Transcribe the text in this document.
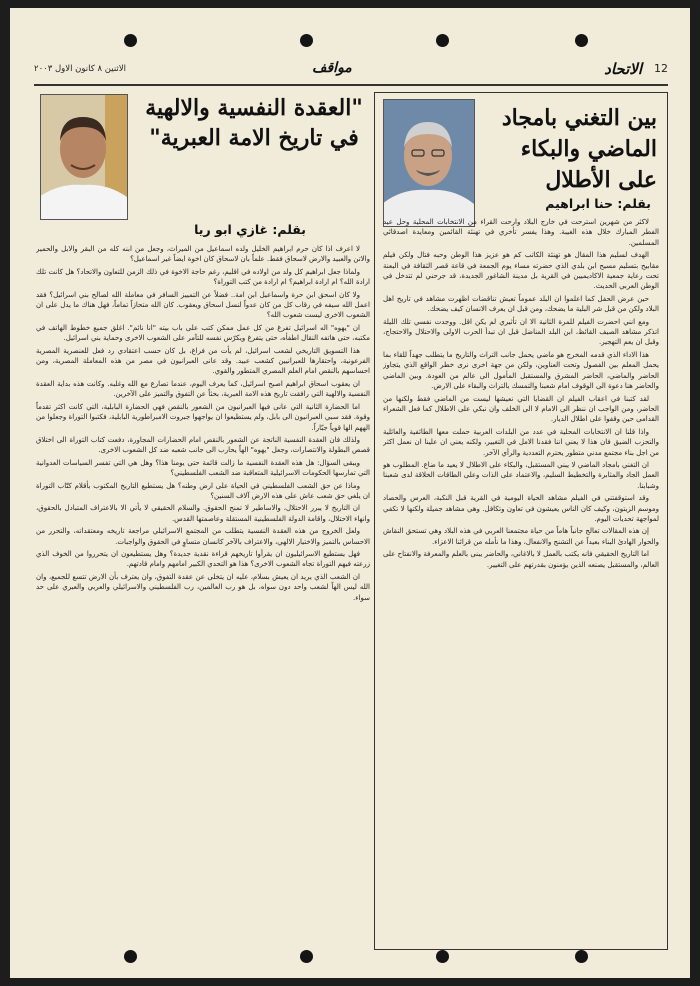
12
الاتحاد
مواقف
الاثنين ٨ كانون الاول ٢٠٠٣
بين التغني بامجاد الماضي والبكاء على الأطلال
بقلم: حنا ابراهيم

لاكثر من شهرين استرحت في خارج البلاد وارحت القراء من الانتخابات المحلية وحل عيد الفطر المبارك خلال هذه الغيبة. وهذا يفسر تأخري في تهنئة القائمين ومعايدة اصدقائي المسلمين.

الهدف لسليم هذا المقال هو تهنئة الكاتب كم هو عزيز هذا الوطن وحبه فتال ولكن فيلم مقابيح بتسليم مسيح ابن بلدي الذي حضرته مساء يوم الجمعة في قاعة قصر الثقافة في البعنة تحت رعاية جمعية الاكاديميين في القرية بل مدينة الشاغور الجديدة، قد جرحني لم تتدخل في الوطن العربي الحديث.

حين عرض الحفل كما اعلموا ان البلد عموماً تعيش تناقضات اظهرت مشاهد في تاريخ اهل البلاد ولكن من قبل شر البلية ما يضحك، ومن قبل ان يعرف الانسان كيف يضحك.

ومع انني احضرت الفيلم للمرة الثانية الا ان تأثيري لم يكن اقل. ووجدت نفسي تلك الليلة اتذكر مشاهد الصيف القائظ، ابن البلد المناضل قبل ان تبدأ الحرب الاولى والاحتلال والاحتجاج، وقبل ان يعم التهجير.

هذا الاداء الذي قدمه المخرج هو ماضي يحمل جانب التراث والتاريخ ما يتطلب جهداً للقاء بما يحمل المعلم بين الفصول وتحت العناوين، ولكن من جهة اخرى نرى خطر الواقع الذي يتجاوز الحاضر والماضي، الحاضر المشرق والمستقبل المأمول الى عالم من العودة. وبين الماضي والحاضر هنا دعوة الى الوقوف امام شعبنا والتمسك بالتراث والبقاء على الارض.

لقد كتبنا في اعقاب الفيلم ان القضايا التي نعيشها ليست من الماضي فقط ولكنها من الحاضر، ومن الواجب ان ننظر الى الامام لا الى الخلف وان نبكي على الاطلال كما فعل الشعراء القدامى حين وقفوا على اطلال الديار.

واذا قلنا ان الانتخابات المحلية في عدد من البلدات العربية حملت معها الطائفية والعائلية والتحزب الضيق فان هذا لا يعني اننا فقدنا الامل في التغيير، ولكنه يعني ان علينا ان نعمل اكثر من اجل بناء مجتمع مدني متطور يحترم التعددية والرأي الآخر.

ان التغني بامجاد الماضي لا يبني المستقبل، والبكاء على الاطلال لا يعيد ما ضاع. المطلوب هو العمل الجاد والمثابرة والتخطيط السليم، والاعتماد على الذات وعلى الطاقات الخلاقة لدى شعبنا وشبابنا.

وقد استوقفتني في الفيلم مشاهد الحياة اليومية في القرية قبل النكبة، العرس والحصاد وموسم الزيتون، وكيف كان الناس يعيشون في تعاون وتكافل. وهي مشاهد جميلة ولكنها لا تكفي لمواجهة تحديات اليوم.

إن هذه المقالات تعالج جانباً هاماً من حياة مجتمعنا العربي في هذه البلاد وهي تستحق النقاش والحوار الهادئ البناء بعيداً عن التشنج والانفعال، وهذا ما نأمله من قرائنا الاعزاء.

اما التاريخ الحقيقي فانه يكتب بالعمل لا بالاغاني، والحاضر يبنى بالعلم والمعرفة والانفتاح على العالم، والمستقبل يصنعه الذين يؤمنون بقدرتهم على التغيير.

"العقدة النفسية والالهية في تاريخ الامة العبرية"
بقلم: غازي ابو ريا

لا اعرف اذا كان حرم ابراهيم الخليل ولده اسماعيل من الميراث، وجعل من ابنه كله من البقر والابل والحمير والاتن والعبيد والارض لاسحاق فقط. علماً بان لاسحاق كان اخوة ايضاً غير اسماعيل؟

ولماذا جعل ابراهيم كل ولد من اولاده في اقليم، رغم حاجة الاخوة في ذلك الزمن للتعاون والاتحاد؟ هل كانت تلك ارادة الله؟ ام ارادة ابراهيم؟ ام ارادة من كتب التوراة؟

ولا كان اسحق ابن حرة واسماعيل ابن امة.. فضلاً عن التمييز السافر في معاملة الله لصالح بني اسرائيل؟ فقد اعمل الله سيفه في رقاب كل من كان عدواً لنسل اسحاق ويعقوب. كان الله متحازاً تماماً، فهل هناك ما يدل على ان الشعوب الاخرى ليست شعوب الله؟

ان "يهوه" اله اسرائيل تفرغ من كل عمل ممكن كتب على باب بيته "انا نائم". اغلق جميع خطوط الهاتف في مكتبه، حتى هاتفه النقال اطفأه، حتى يتفرغ ويكرّس نفسه للتآمر على الشعوب الاخرى وحماية بني اسرائيل.

هذا التسويق التاريخي لشعب اسرائيل، لم يأت من فراغ، بل كان حسب اعتقادي رد فعل للعنصرية المصرية الفرعونية، واحتقارها للعبرانيين كشعب عبيد. وقد عانى العبرانيون في مصر من هذه المعاملة المصرية، ومن احساسهم بالنقص امام العلم المصري المتطور والقوي.

ان يعقوب اسحاق ابراهيم اصبح اسرائيل، كما يعرف اليوم، عندما تصارع مع الله وغلبه. وكانت هذه بداية العقدة النفسية والالهية التي رافقت تاريخ هذه الامة العبرية، بحثاً عن التفوق والتميز على الآخرين.

اما الحضارة الثانية التي عانى فيها العبرانيون من الشعور بالنقص فهي الحضارة البابلية، التي كانت اكثر تقدماً وقوة. فقد سبي العبرانيون الى بابل، ولم يستطيعوا ان يواجهوا جبروت الامبراطورية البابلية، فكتبوا التوراة وجعلوا من الههم الها قوياً جبّاراً.

ولذلك فان العقدة النفسية الناتجة عن الشعور بالنقص امام الحضارات المجاورة، دفعت كتاب التوراة الى اختلاق قصص البطولة والانتصارات، وجعل "يهوه" الهاً يحارب الى جانب شعبه ضد كل الشعوب الاخرى.

ويبقى السؤال: هل هذه العقدة النفسية ما زالت قائمة حتى يومنا هذا؟ وهل هي التي تفسر السياسات العدوانية التي تمارسها الحكومات الاسرائيلية المتعاقبة ضد الشعب الفلسطيني؟

وماذا عن حق الشعب الفلسطيني في الحياة على ارض وطنه؟ هل يستطيع التاريخ المكتوب بأقلام كتّاب التوراة ان يلغي حق شعب عاش على هذه الارض آلاف السنين؟

ان التاريخ لا يبرر الاحتلال، والاساطير لا تمنح الحقوق. والسلام الحقيقي لا يأتي الا بالاعتراف المتبادل بالحقوق، وانهاء الاحتلال، واقامة الدولة الفلسطينية المستقلة وعاصمتها القدس.

ولعل الخروج من هذه العقدة النفسية يتطلب من المجتمع الاسرائيلي مراجعة تاريخه ومعتقداته، والتحرر من الاحساس بالتميز والاختيار الالهي، والاعتراف بالآخر كانسان متساوٍ في الحقوق والواجبات.

فهل يستطيع الاسرائيليون ان يقرأوا تاريخهم قراءة نقدية جديدة؟ وهل يستطيعون ان يتحرروا من الخوف الذي زرعته فيهم التوراة تجاه الشعوب الاخرى؟ هذا هو التحدي الكبير امامهم وامام قادتهم.

ان الشعب الذي يريد ان يعيش بسلام، عليه ان يتخلى عن عقدة التفوق، وان يعترف بأن الارض تتسع للجميع، وان الله ليس الهاً لشعب واحد دون سواه، بل هو رب العالمين، رب الفلسطيني والاسرائيلي والعربي والعبري على حد سواء.
